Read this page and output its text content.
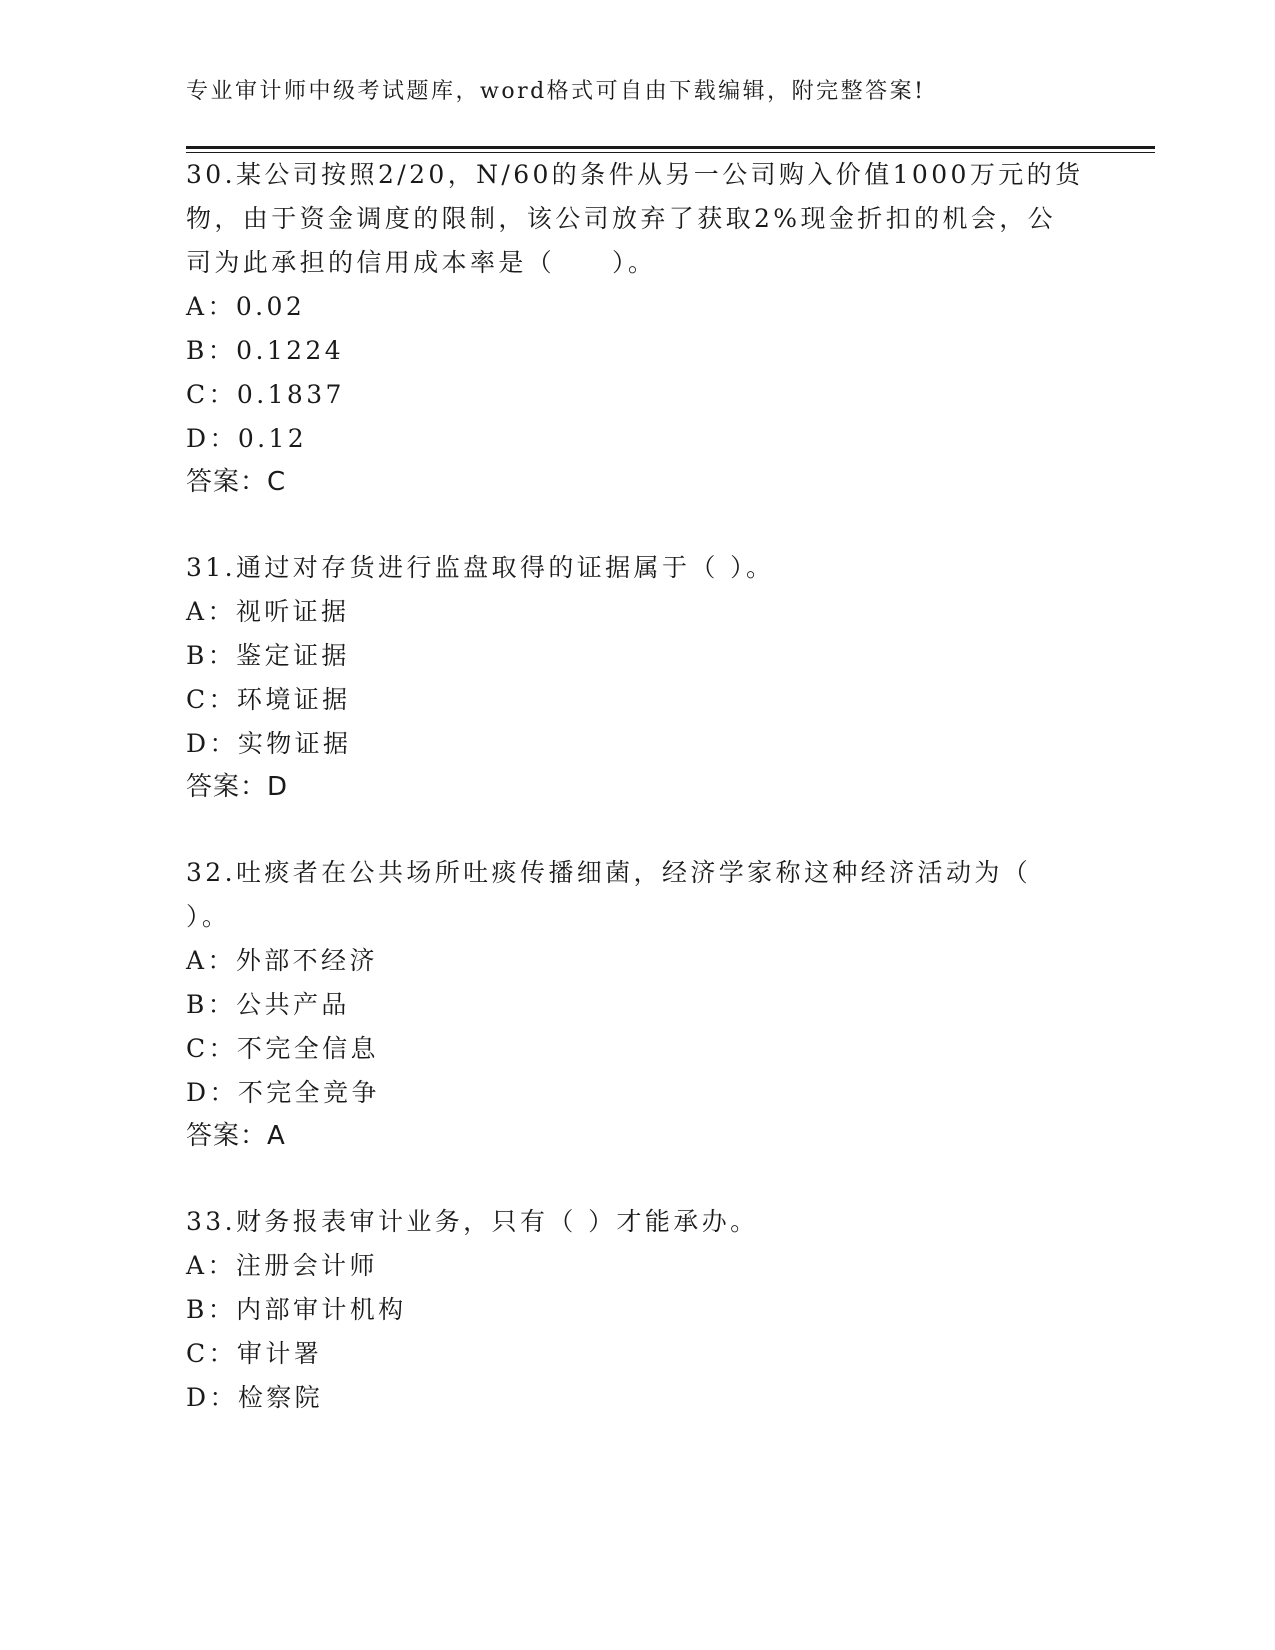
专业审计师中级考试题库，word格式可自由下载编辑，附完整答案!
30.某公司按照2/20，N/60的条件从另一公司购入价值1000万元的货
物，由于资金调度的限制，该公司放弃了获取2%现金折扣的机会，公
司为此承担的信用成本率是（　　）。
A：0.02
B：0.1224
C：0.1837
D：0.12
答案：C
31.通过对存货进行监盘取得的证据属于（ ）。
A：视听证据
B：鉴定证据
C：环境证据
D：实物证据
答案：D
32.吐痰者在公共场所吐痰传播细菌，经济学家称这种经济活动为（
）。
A：外部不经济
B：公共产品
C：不完全信息
D：不完全竞争
答案：A
33.财务报表审计业务，只有（ ）才能承办。
A：注册会计师
B：内部审计机构
C：审计署
D：检察院
